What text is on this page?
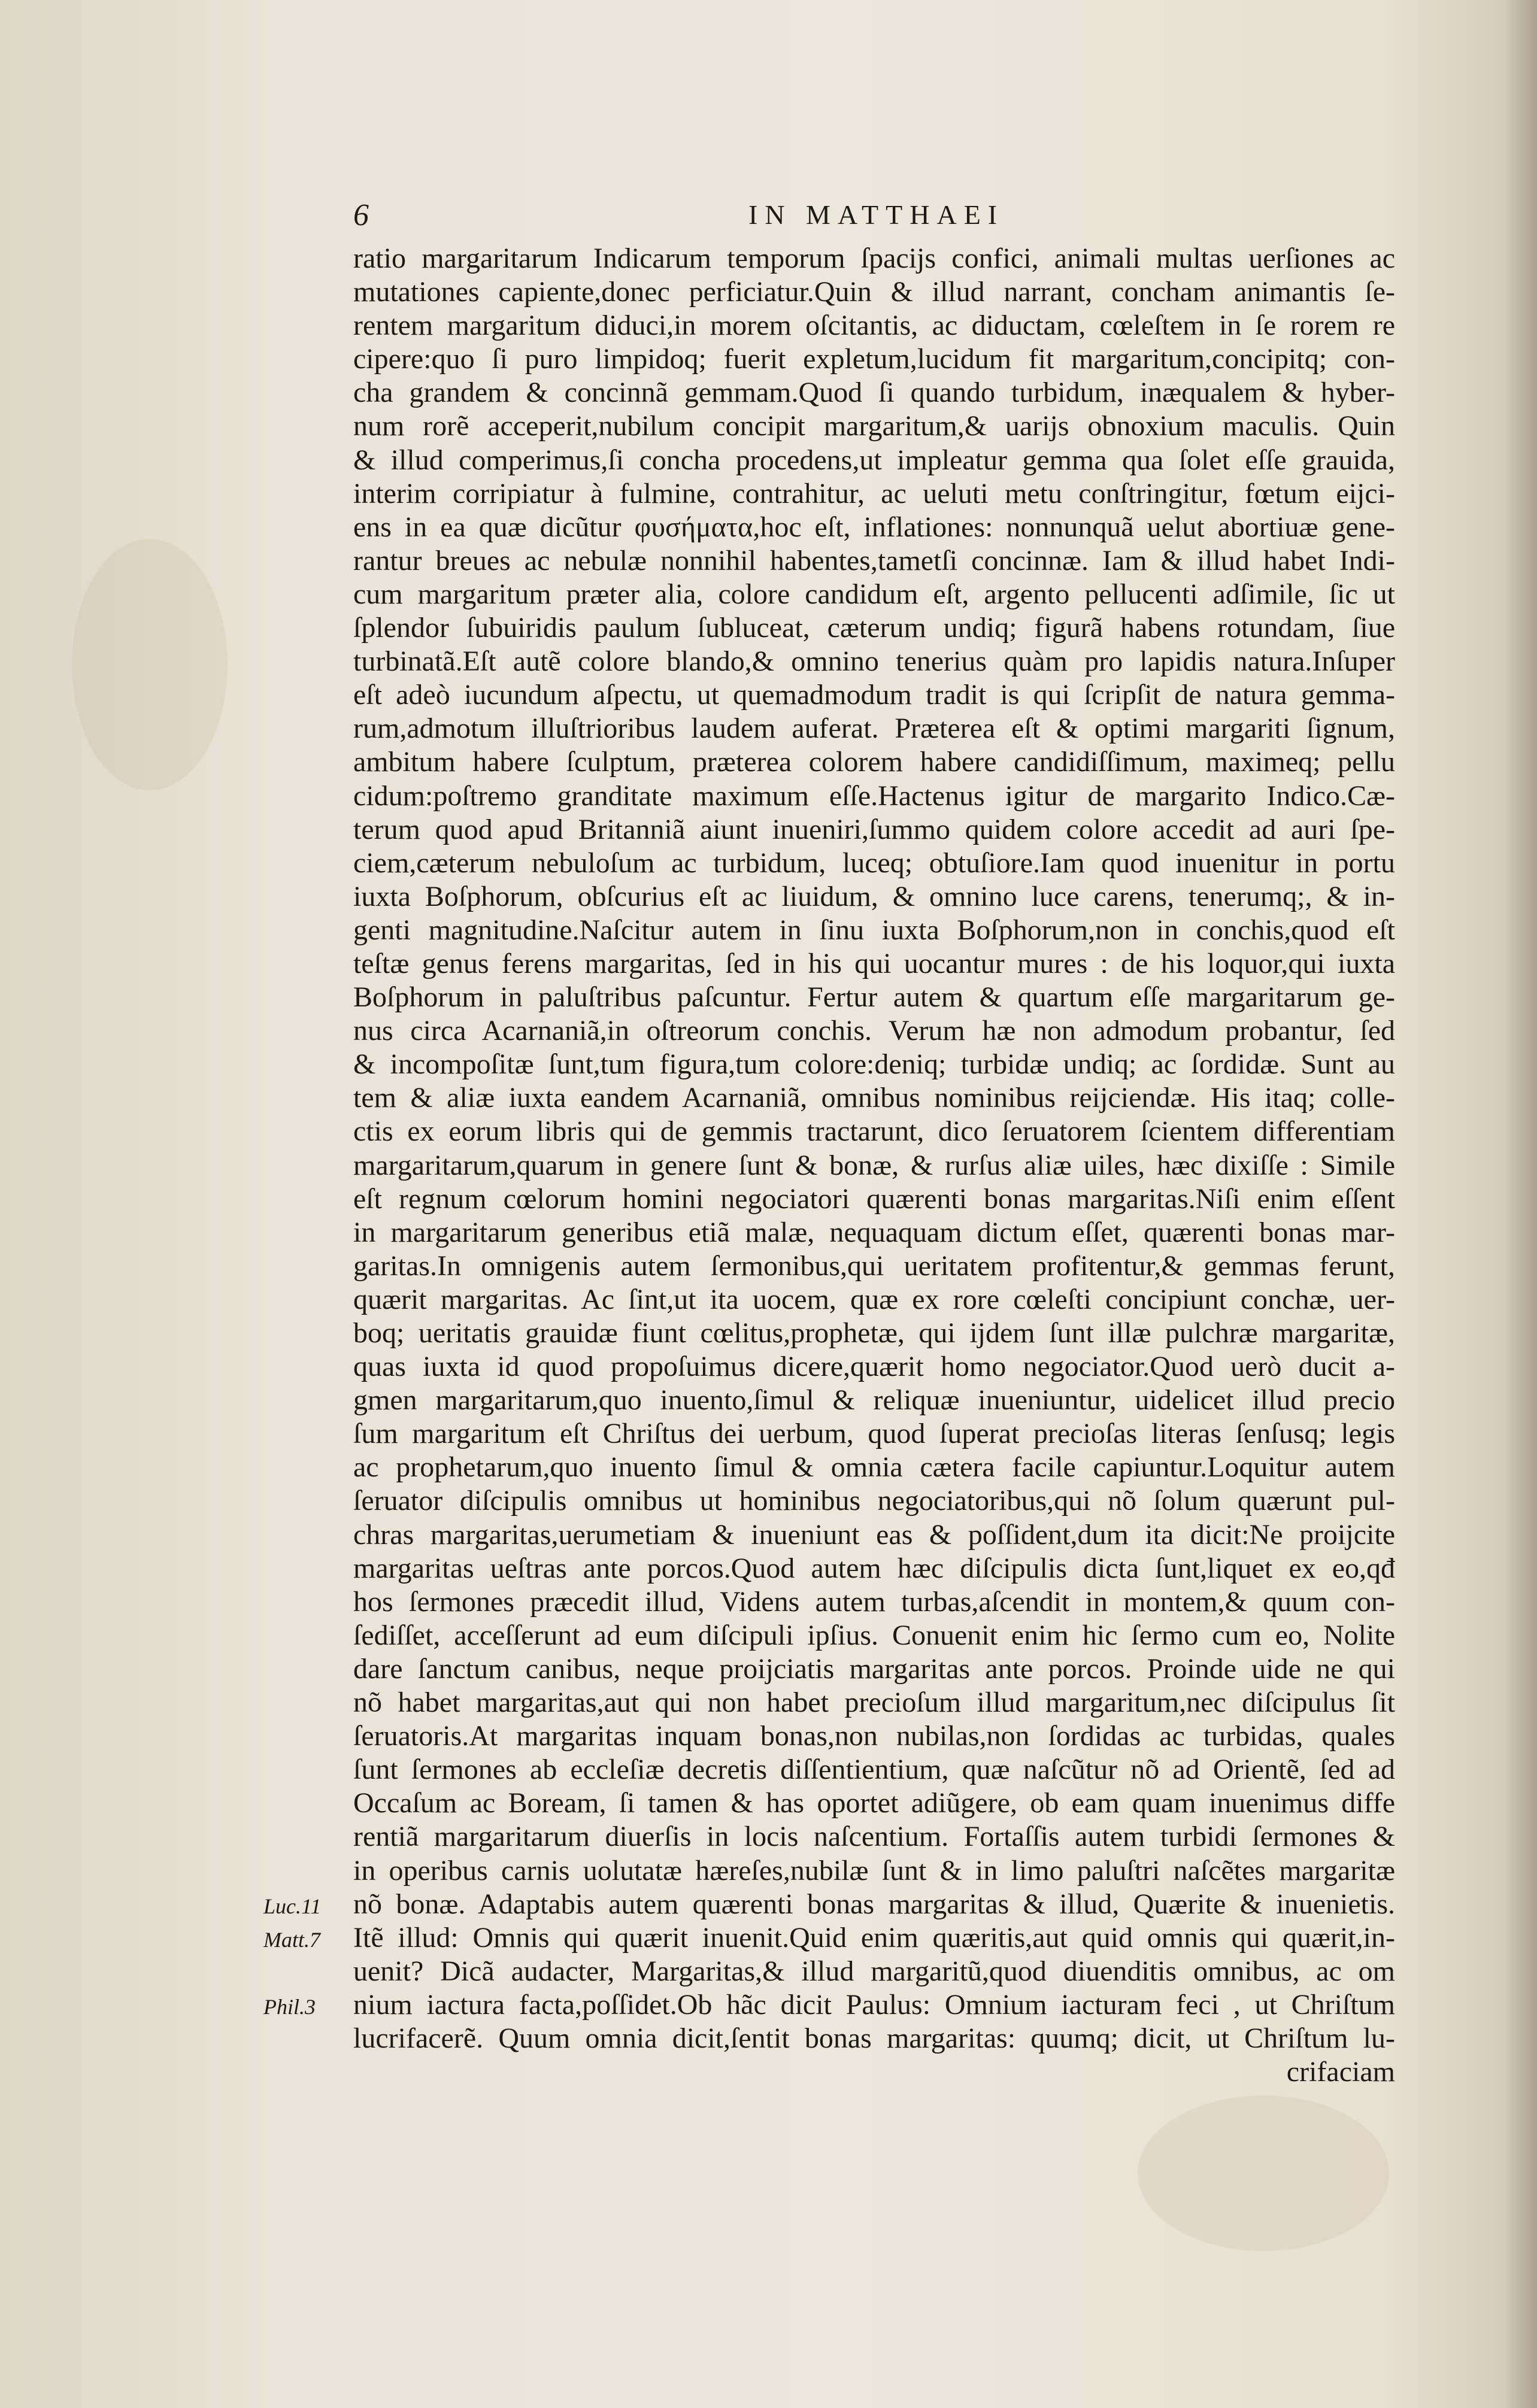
6	IN MATTHAEI
ratio margaritarum Indicarum temporum ſpacijs confici, animali multas uerſiones ac
mutationes capiente,donec perficiatur.Quin & illud narrant, concham animantis ſe-
rentem margaritum diduci,in morem oſcitantis, ac diductam, cœleſtem in ſe rorem re
cipere:quo ſi puro limpidoq; fuerit expletum,lucidum fit margaritum,concipitq; con-
cha grandem & concinnã gemmam.Quod ſi quando turbidum, inæqualem & hyber-
num rorẽ acceperit,nubilum concipit margaritum,& uarijs obnoxium maculis. Quin
& illud comperimus,ſi concha procedens,ut impleatur gemma qua ſolet eſſe grauida,
interim corripiatur à fulmine, contrahitur, ac ueluti metu conſtringitur, fœtum eijci-
ens in ea quæ dicũtur φυσήματα,hoc eſt, inflationes: nonnunquã uelut abortiuæ gene-
rantur breues ac nebulæ nonnihil habentes,tametſi concinnæ. Iam & illud habet Indi-
cum margaritum præter alia, colore candidum eſt, argento pellucenti adſimile, ſic ut
ſplendor ſubuiridis paulum ſubluceat, cæterum undiq; figurã habens rotundam, ſiue
turbinatã.Eſt autẽ colore blando,& omnino tenerius quàm pro lapidis natura.Inſuper
eſt adeò iucundum aſpectu, ut quemadmodum tradit is qui ſcripſit de natura gemma-
rum,admotum illuſtrioribus laudem auferat. Præterea eſt & optimi margariti ſignum,
ambitum habere ſculptum, præterea colorem habere candidiſſimum, maximeq; pellu
cidum:poſtremo granditate maximum eſſe.Hactenus igitur de margarito Indico.Cæ-
terum quod apud Britanniã aiunt inueniri,ſummo quidem colore accedit ad auri ſpe-
ciem,cæterum nebuloſum ac turbidum, luceq; obtuſiore.Iam quod inuenitur in portu
iuxta Boſphorum, obſcurius eſt ac liuidum, & omnino luce carens, tenerumq;, & in-
genti magnitudine.Naſcitur autem in ſinu iuxta Boſphorum,non in conchis,quod eſt
teſtæ genus ferens margaritas, ſed in his qui uocantur mures : de his loquor,qui iuxta
Boſphorum in paluſtribus paſcuntur. Fertur autem & quartum eſſe margaritarum ge-
nus circa Acarnaniã,in oſtreorum conchis. Verum hæ non admodum probantur, ſed
& incompoſitæ ſunt,tum figura,tum colore:deniq; turbidæ undiq; ac ſordidæ. Sunt au
tem & aliæ iuxta eandem Acarnaniã, omnibus nominibus reijciendæ. His itaq; colle-
ctis ex eorum libris qui de gemmis tractarunt, dico ſeruatorem ſcientem differentiam
margaritarum,quarum in genere ſunt & bonæ, & rurſus aliæ uiles, hæc dixiſſe : Simile
eſt regnum cœlorum homini negociatori quærenti bonas margaritas.Niſi enim eſſent
in margaritarum generibus etiã malæ, nequaquam dictum eſſet, quærenti bonas mar-
garitas.In omnigenis autem ſermonibus,qui ueritatem profitentur,& gemmas ferunt,
quærit margaritas. Ac ſint,ut ita uocem, quæ ex rore cœleſti concipiunt conchæ, uer-
boq; ueritatis grauidæ fiunt cœlitus,prophetæ, qui ijdem ſunt illæ pulchræ margaritæ,
quas iuxta id quod propoſuimus dicere,quærit homo negociator.Quod uerò ducit a-
gmen margaritarum,quo inuento,ſimul & reliquæ inueniuntur, uidelicet illud precio
ſum margaritum eſt Chriſtus dei uerbum, quod ſuperat precioſas literas ſenſusq; legis
ac prophetarum,quo inuento ſimul & omnia cætera facile capiuntur.Loquitur autem
ſeruator diſcipulis omnibus ut hominibus negociatoribus,qui nõ ſolum quærunt pul-
chras margaritas,uerumetiam & inueniunt eas & poſſident,dum ita dicit:Ne proijcite
margaritas ueſtras ante porcos.Quod autem hæc diſcipulis dicta ſunt,liquet ex eo,qđ
hos ſermones præcedit illud, Videns autem turbas,aſcendit in montem,& quum con-
ſediſſet, acceſſerunt ad eum diſcipuli ipſius. Conuenit enim hic ſermo cum eo, Nolite
dare ſanctum canibus, neque proijciatis margaritas ante porcos. Proinde uide ne qui
nõ habet margaritas,aut qui non habet precioſum illud margaritum,nec diſcipulus ſit
ſeruatoris.At margaritas inquam bonas,non nubilas,non ſordidas ac turbidas, quales
ſunt ſermones ab eccleſiæ decretis diſſentientium, quæ naſcũtur nõ ad Orientẽ, ſed ad
Occaſum ac Boream, ſi tamen & has oportet adiũgere, ob eam quam inuenimus diffe
rentiã margaritarum diuerſis in locis naſcentium. Fortaſſis autem turbidi ſermones &
in operibus carnis uolutatæ hæreſes,nubilæ ſunt & in limo paluſtri naſcẽtes margaritæ
nõ bonæ. Adaptabis autem quærenti bonas margaritas & illud, Quærite & inuenietis.
Itẽ illud: Omnis qui quærit inuenit.Quid enim quæritis,aut quid omnis qui quærit,in-
uenit? Dicã audacter, Margaritas,& illud margaritũ,quod diuenditis omnibus, ac om
nium iactura facta,poſſidet.Ob hãc dicit Paulus: Omnium iacturam feci , ut Chriſtum
lucrifacerẽ. Quum omnia dicit,ſentit bonas margaritas: quumq; dicit, ut Chriſtum lu-
crifaciam
Luc.11
Matt.7
Phil.3
